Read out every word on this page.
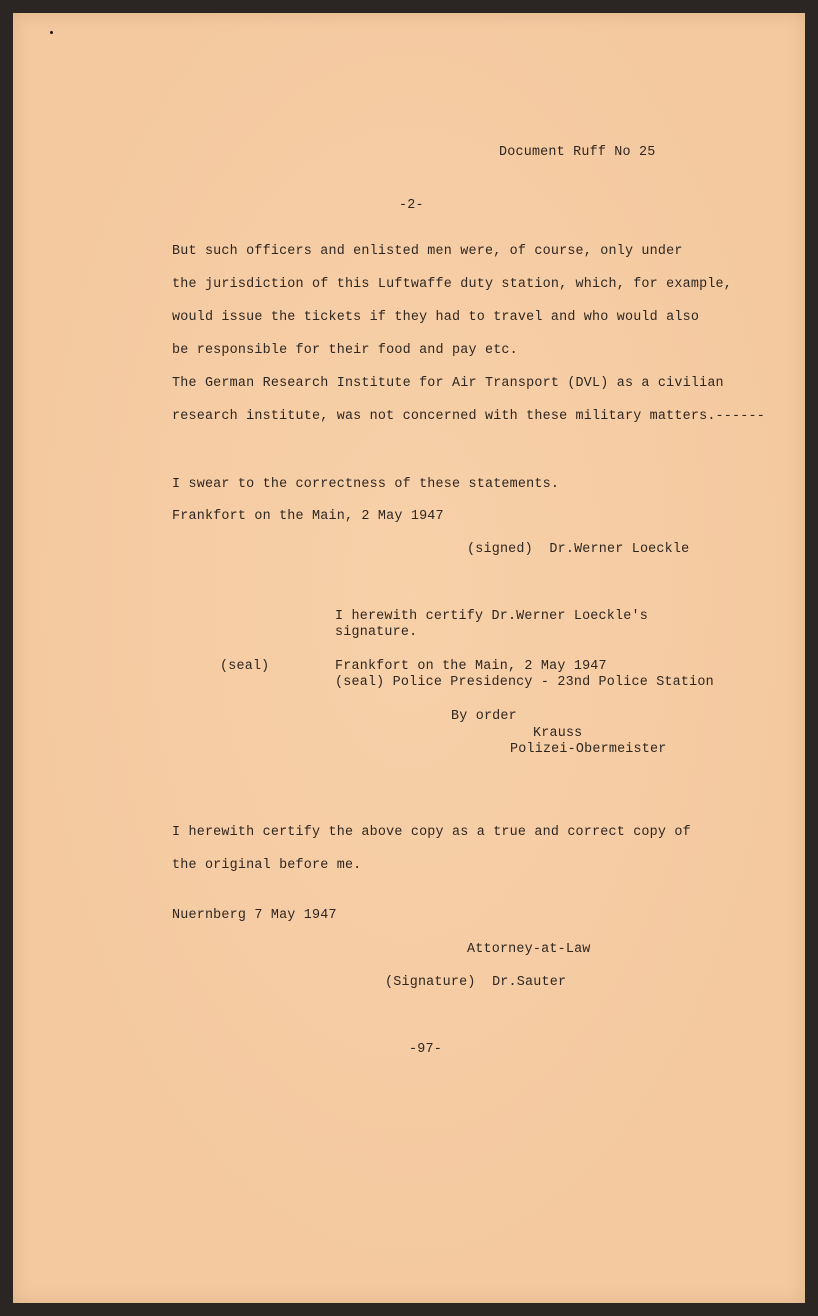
Document Ruff No 25
-2-
But such officers and enlisted men were, of course, only under
the jurisdiction of this Luftwaffe duty station, which, for example,
would issue the tickets if they had to travel and who would also
be responsible for their food and pay etc.
The German Research Institute for Air Transport (DVL) as a civilian
research institute, was not concerned with these military matters.------
I swear to the correctness of these statements.
Frankfort on the Main, 2 May 1947
(signed)  Dr.Werner Loeckle
I herewith certify Dr.Werner Loeckle's
signature.
(seal)	Frankfort on the Main, 2 May 1947
(seal) Police Presidency - 23nd Police Station
By order
Krauss
Polizei-Obermeister
I herewith certify the above copy as a true and correct copy of
the original before me.
Nuernberg 7 May 1947
Attorney-at-Law
(Signature)  Dr.Sauter
-97-
